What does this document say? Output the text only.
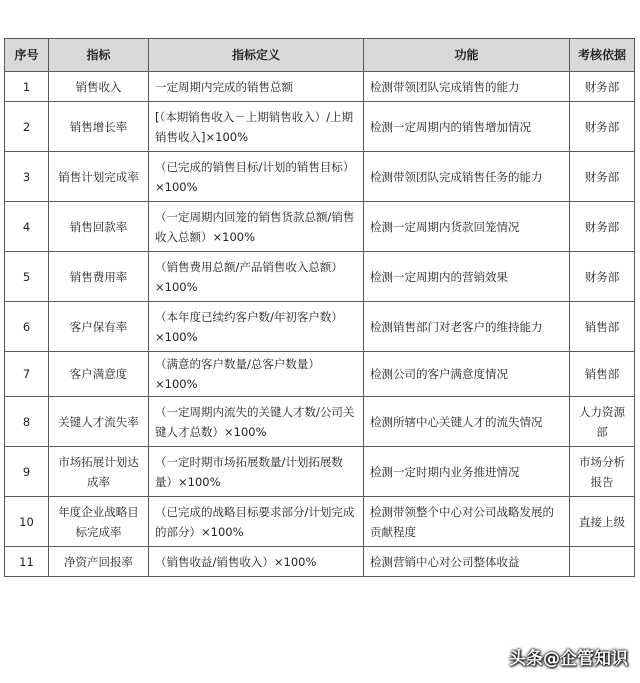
序号	指标	指标定义	功能	考核依据
1	销售收入	一定周期内完成的销售总额	检测带领团队完成销售的能力	财务部
2	销售增长率	[（本期销售收入－上期销售收入）/上期销售收入]×100%	检测一定周期内的销售增加情况	财务部
3	销售计划完成率	（已完成的销售目标/计划的销售目标）×100%	检测带领团队完成销售任务的能力	财务部
4	销售回款率	（一定周期内回笼的销售货款总额/销售收入总额）×100%	检测一定周期内货款回笼情况	财务部
5	销售费用率	（销售费用总额/产品销售收入总额）×100%	检测一定周期内的营销效果	财务部
6	客户保有率	（本年度已续约客户数/年初客户数）×100%	检测销售部门对老客户的维持能力	销售部
7	客户满意度	（满意的客户数量/总客户数量）×100%	检测公司的客户满意度情况	销售部
8	关键人才流失率	（一定周期内流失的关键人才数/公司关键人才总数）×100%	检测所辖中心关键人才的流失情况	人力资源部
9	市场拓展计划达成率	（一定时期市场拓展数量/计划拓展数量）×100%	检测一定时期内业务推进情况	市场分析报告
10	年度企业战略目标完成率	（已完成的战略目标要求部分/计划完成的部分）×100%	检测带领整个中心对公司战略发展的贡献程度	直接上级
11	净资产回报率	（销售收益/销售收入）×100%	检测营销中心对公司整体收益	
头条@企管知识
